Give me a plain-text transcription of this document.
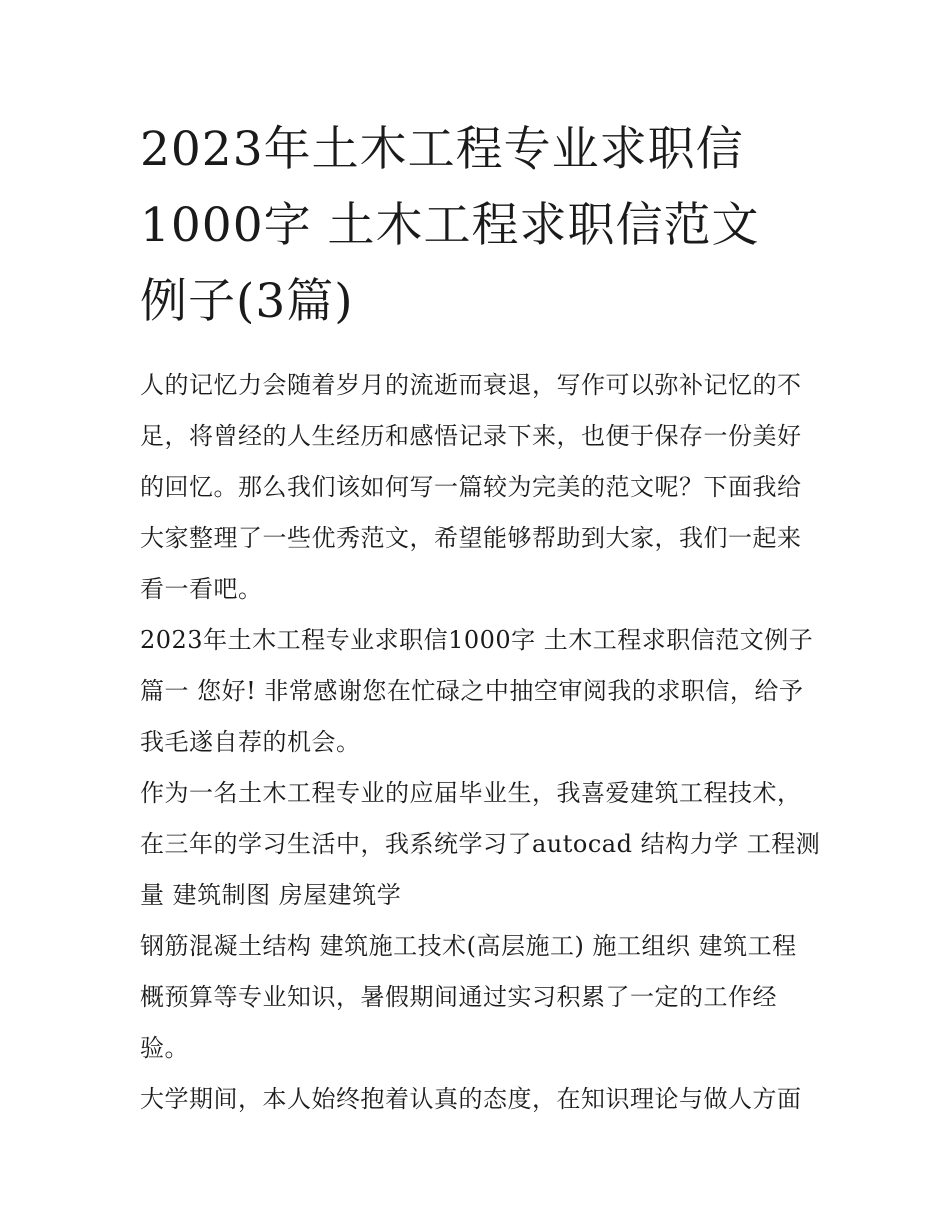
2023年土木工程专业求职信
1000字 土木工程求职信范文
例子(3篇)
人的记忆力会随着岁月的流逝而衰退，写作可以弥补记忆的不
足，将曾经的人生经历和感悟记录下来，也便于保存一份美好
的回忆。那么我们该如何写一篇较为完美的范文呢？下面我给
大家整理了一些优秀范文，希望能够帮助到大家，我们一起来
看一看吧。
2023年土木工程专业求职信1000字 土木工程求职信范文例子
篇一 您好! 非常感谢您在忙碌之中抽空审阅我的求职信，给予
我毛遂自荐的机会。
作为一名土木工程专业的应届毕业生，我喜爱建筑工程技术，
在三年的学习生活中，我系统学习了autocad 结构力学 工程测
量 建筑制图 房屋建筑学
钢筋混凝土结构 建筑施工技术(高层施工) 施工组织 建筑工程
概预算等专业知识，暑假期间通过实习积累了一定的工作经
验。
大学期间，本人始终抱着认真的态度，在知识理论与做人方面
